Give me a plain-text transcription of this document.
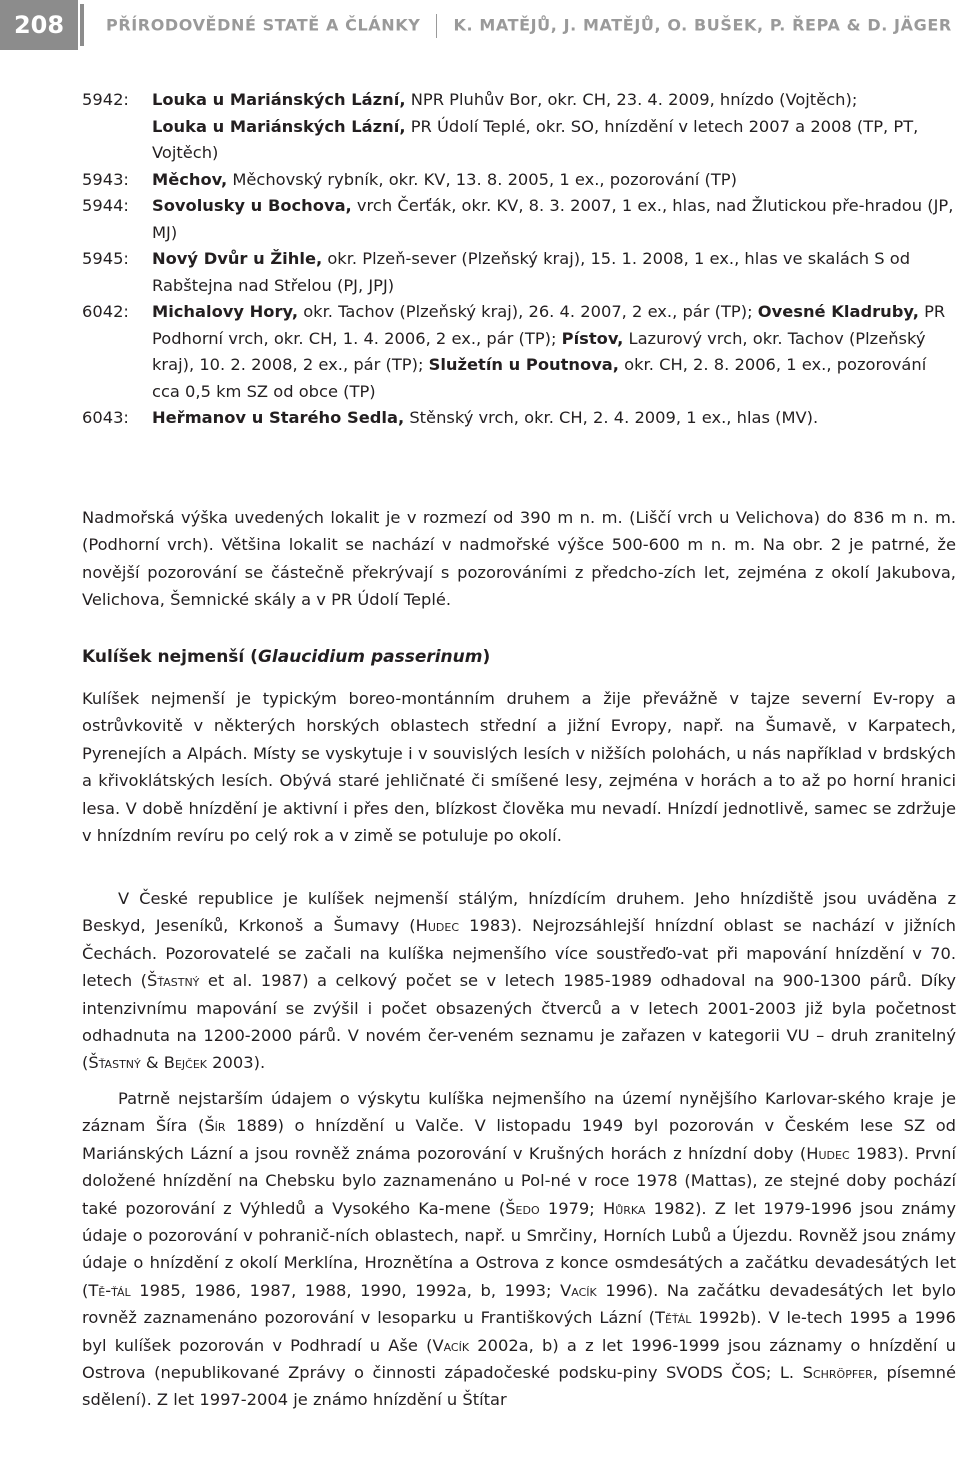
208	PŘÍRODOVĚDNÉ STATĚ A ČLÁNKY K. MATĚJŮ, J. MATĚJŮ, O. BUŠEK, P. ŘEPA & D. JÄGER
5942: Louka u Mariánských Lázní, NPR Pluhův Bor, okr. CH, 23. 4. 2009, hnízdo (Vojtěch);
Louka u Mariánských Lázní, PR Údolí Teplé, okr. SO, hnízdění v letech 2007 a 2008 (TP, PT, Vojtěch)
5943: Měchov, Měchovský rybník, okr. KV, 13. 8. 2005, 1 ex., pozorování (TP)
5944: Sovolusky u Bochova, vrch Čerťák, okr. KV, 8. 3. 2007, 1 ex., hlas, nad Žlutickou pře-hradou (JP, MJ)
5945: Nový Dvůr u Žihle, okr. Plzeň-sever (Plzeňský kraj), 15. 1. 2008, 1 ex., hlas ve skalách S od Rabštejna nad Střelou (PJ, JPJ)
6042: Michalovy Hory, okr. Tachov (Plzeňský kraj), 26. 4. 2007, 2 ex., pár (TP); Ovesné Kladruby, PR Podhorní vrch, okr. CH, 1. 4. 2006, 2 ex., pár (TP); Pístov, Lazurový vrch, okr. Tachov (Plzeňský kraj), 10. 2. 2008, 2 ex., pár (TP); Služetín u Poutnova, okr. CH, 2. 8. 2006, 1 ex., pozorování cca 0,5 km SZ od obce (TP)
6043: Heřmanov u Starého Sedla, Stěnský vrch, okr. CH, 2. 4. 2009, 1 ex., hlas (MV).

Nadmořská výška uvedených lokalit je v rozmezí od 390 m n. m. (Liščí vrch u Velichova) do 836 m n. m. (Podhorní vrch). Většina lokalit se nachází v nadmořské výšce 500-600 m n. m. Na obr. 2 je patrné, že novější pozorování se částečně překrývají s pozorováními z předcho-zích let, zejména z okolí Jakubova, Velichova, Šemnické skály a v PR Údolí Teplé.

Kulíšek nejmenší (Glaucidium passerinum)

Kulíšek nejmenší je typickým boreo-montánním druhem a žije převážně v tajze severní Ev-ropy a ostrůvkovitě v některých horských oblastech střední a jižní Evropy, např. na Šumavě, v Karpatech, Pyrenejích a Alpách. Místy se vyskytuje i v souvislých lesích v nižších polohách, u nás například v brdských a křivoklátských lesích. Obývá staré jehličnaté či smíšené lesy, zejména v horách a to až po horní hranici lesa. V době hnízdění je aktivní i přes den, blízkost člověka mu nevadí. Hnízdí jednotlivě, samec se zdržuje v hnízdním revíru po celý rok a v zimě se potuluje po okolí.

V České republice je kulíšek nejmenší stálým, hnízdícím druhem. Jeho hnízdiště jsou uváděna z Beskyd, Jeseníků, Krkonoš a Šumavy (Hudec 1983). Nejrozsáhlejší hnízdní oblast se nachází v jižních Čechách. Pozorovatelé se začali na kulíška nejmenšího více soustřeďo-vat při mapování hnízdění v 70. letech (Šťastný et al. 1987) a celkový počet se v letech 1985-1989 odhadoval na 900-1300 párů. Díky intenzivnímu mapování se zvýšil i počet obsazených čtverců a v letech 2001-2003 již byla početnost odhadnuta na 1200-2000 párů. V novém čer-veném seznamu je zařazen v kategorii VU – druh zranitelný (Šťastný & Bejček 2003).

Patrně nejstarším údajem o výskytu kulíška nejmenšího na území nynějšího Karlovar-ského kraje je záznam Šíra (Šír 1889) o hnízdění u Valče. V listopadu 1949 byl pozorován v Českém lese SZ od Mariánských Lázní a jsou rovněž známa pozorování v Krušných horách z hnízdní doby (Hudec 1983). První doložené hnízdění na Chebsku bylo zaznamenáno u Pol-né v roce 1978 (Mattas), ze stejné doby pochází také pozorování z Výhledů a Vysokého Ka-mene (Šedo 1979; Hůrka 1982). Z let 1979-1996 jsou známy údaje o pozorování v pohranič-ních oblastech, např. u Smrčiny, Horních Lubů a Újezdu. Rovněž jsou známy údaje o hnízdění z okolí Merklína, Hroznětína a Ostrova z konce osmdesátých a začátku devadesátých let (Tě-ťál 1985, 1986, 1987, 1988, 1990, 1992a, b, 1993; Vacík 1996). Na začátku devadesátých let bylo rovněž zaznamenáno pozorování v lesoparku u Františkových Lázní (Těťál 1992b). V le-tech 1995 a 1996 byl kulíšek pozorován v Podhradí u Aše (Vacík 2002a, b) a z let 1996-1999 jsou záznamy o hnízdění u Ostrova (nepublikované Zprávy o činnosti západočeské podsku-piny SVODS ČOS; L. Schröpfer, písemné sdělení). Z let 1997-2004 je známo hnízdění u Štítar
